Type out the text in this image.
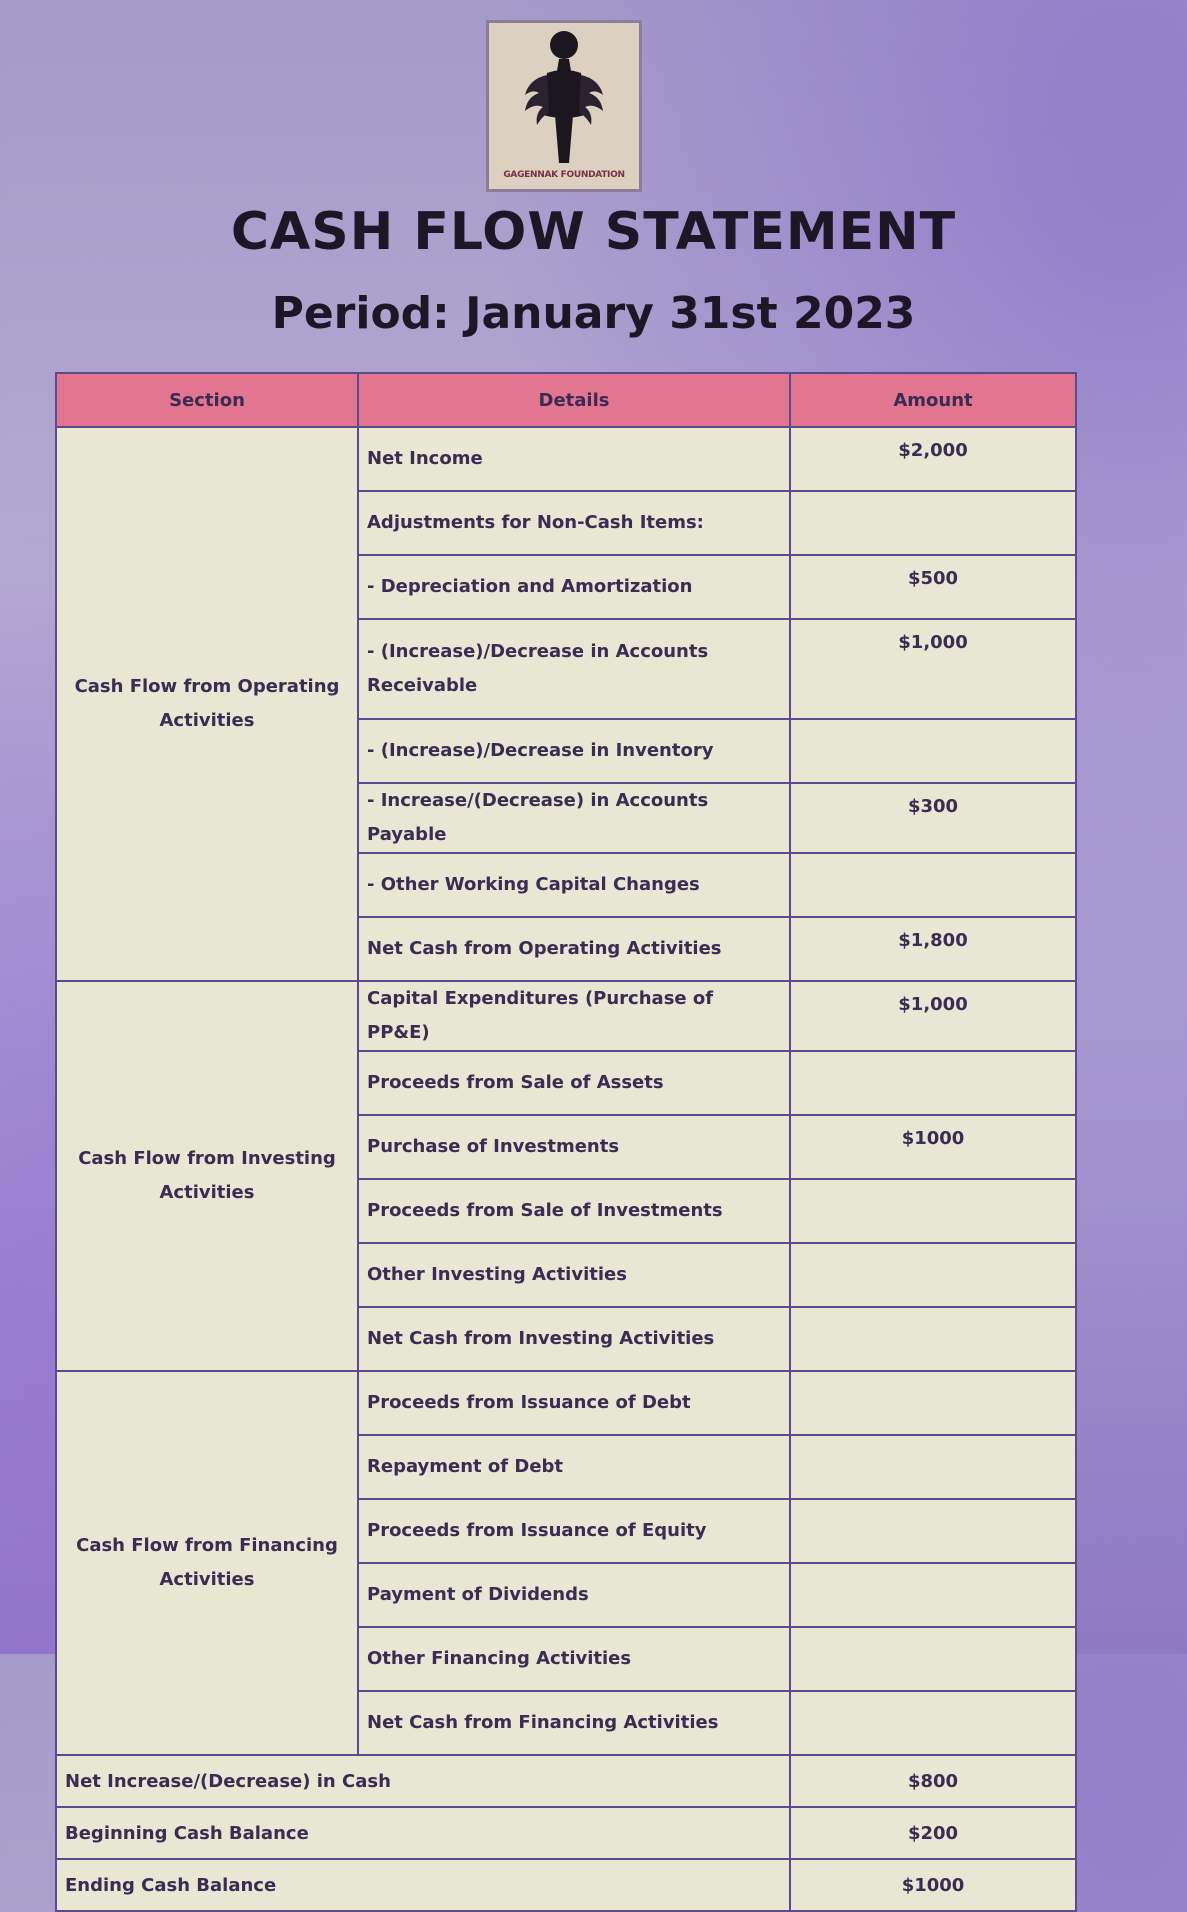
GAGENNAK FOUNDATION
CASH FLOW STATEMENT
Period: January 31st 2023
Section	Details	Amount
Cash Flow from Operating Activities	Net Income	$2,000
	Adjustments for Non-Cash Items:	
	- Depreciation and Amortization	$500
	- (Increase)/Decrease in Accounts Receivable	$1,000
	- (Increase)/Decrease in Inventory	
	- Increase/(Decrease) in Accounts Payable	$300
	- Other Working Capital Changes	
	Net Cash from Operating Activities	$1,800
Cash Flow from Investing Activities	Capital Expenditures (Purchase of PP&E)	$1,000
	Proceeds from Sale of Assets	
	Purchase of Investments	$1000
	Proceeds from Sale of Investments	
	Other Investing Activities	
	Net Cash from Investing Activities	
Cash Flow from Financing Activities	Proceeds from Issuance of Debt	
	Repayment of Debt	
	Proceeds from Issuance of Equity	
	Payment of Dividends	
	Other Financing Activities	
	Net Cash from Financing Activities	
Net Increase/(Decrease) in Cash		$800
Beginning Cash Balance		$200
Ending Cash Balance		$1000
